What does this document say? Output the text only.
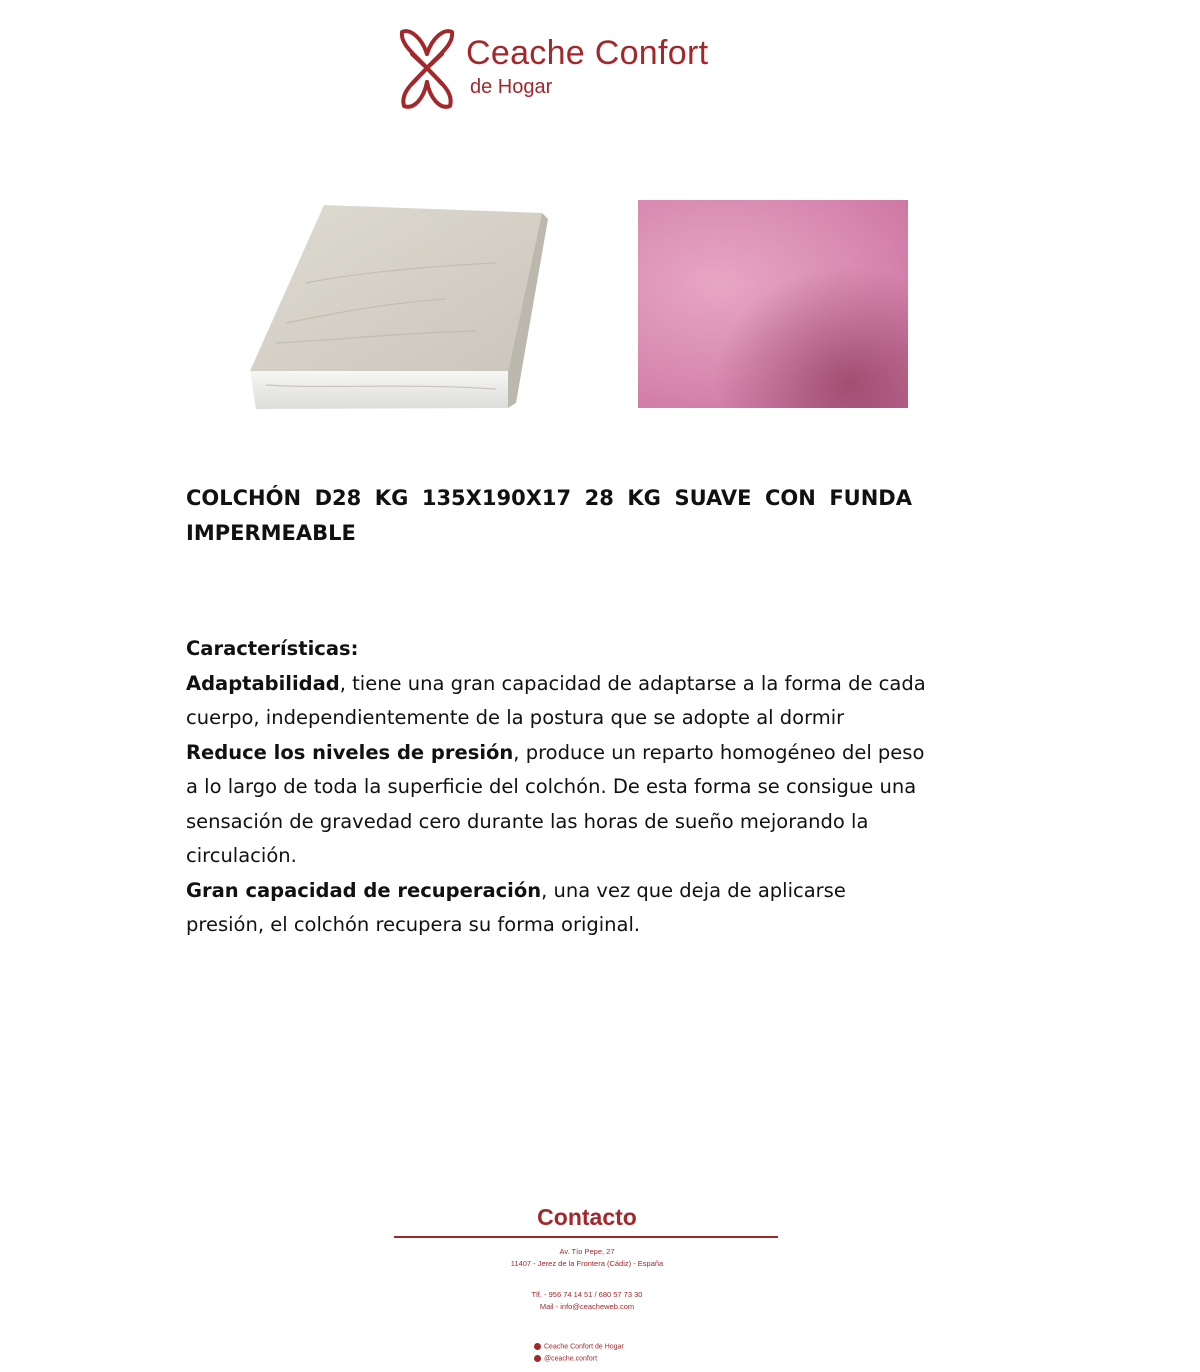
Ceache Confort
de Hogar
COLCHÓN D28 KG 135X190X17 28 KG SUAVE CON FUNDA IMPERMEABLE

Características:

Adaptabilidad, tiene una gran capacidad de adaptarse a la forma de cada cuerpo, independientemente de la postura que se adopte al dormir

Reduce los niveles de presión, produce un reparto homogéneo del peso a lo largo de toda la superficie del colchón. De esta forma se consigue una sensación de gravedad cero durante las horas de sueño mejorando la circulación.

Gran capacidad de recuperación, una vez que deja de aplicarse presión, el colchón recupera su forma original.

Contacto
Av. Tío Pepe, 27
11407 - Jerez de la Frontera (Cádiz) - España
Tlf. - 956 74 14 51 / 680 57 73 30
Mail - info@ceacheweb.com
Ceache Confort de Hogar
@ceache.confort
